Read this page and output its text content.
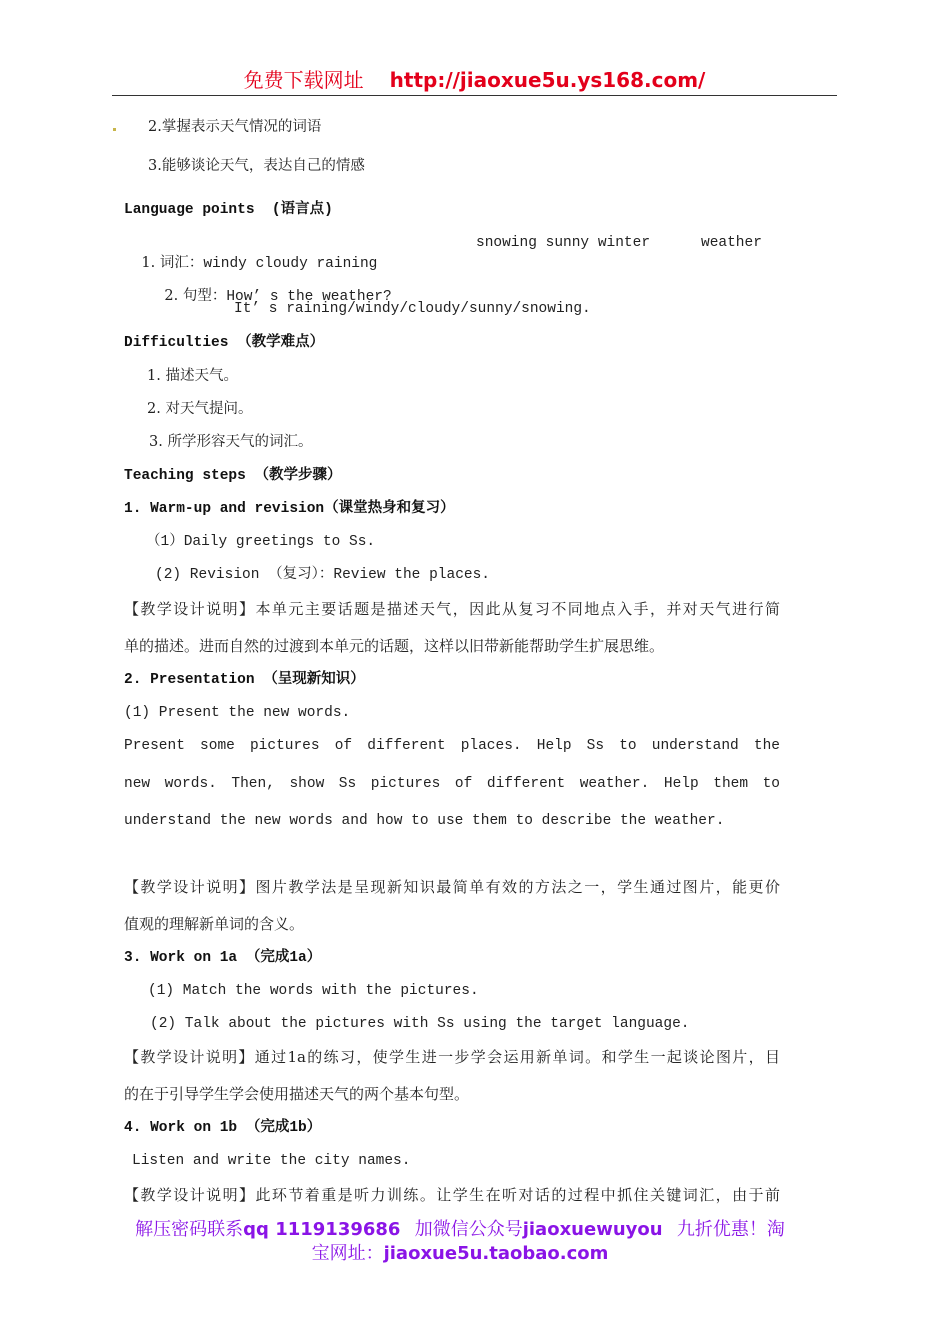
免费下载网址 http://jiaoxue5u.ys168.com/
2.掌握表示天气情况的词语
3.能够谈论天气，表达自己的情感
Language points  (语言点)

1. 词汇：windy cloudy raining

snowing sunny winter	weather

2. 句型：How’ s the weather?

It’ s raining/windy/cloudy/sunny/snowing.
Difficulties （教学难点）
1. 描述天气。
2. 对天气提问。
3. 所学形容天气的词汇。
Teaching steps （教学步骤）
1. Warm-up and revision（课堂热身和复习）
（1）Daily greetings to Ss.
(2) Revision （复习）：Review the places.
【教学设计说明】本单元主要话题是描述天气，因此从复习不同地点入手，并对天气进行简
单的描述。进而自然的过渡到本单元的话题，这样以旧带新能帮助学生扩展思维。
2. Presentation （呈现新知识）
(1) Present the new words.
Present some pictures of different places. Help Ss to understand the
new words. Then, show Ss pictures of different weather. Help them to
understand the new words and how to use them to describe the weather.
【教学设计说明】图片教学法是呈现新知识最简单有效的方法之一，学生通过图片，能更价
值观的理解新单词的含义。
3. Work on 1a （完成1a）
(1) Match the words with the pictures.
(2) Talk about the pictures with Ss using the target language.
【教学设计说明】通过1a的练习，使学生进一步学会运用新单词。和学生一起谈论图片，目
的在于引导学生学会使用描述天气的两个基本句型。
4. Work on 1b （完成1b）
Listen and write the city names.
【教学设计说明】此环节着重是听力训练。让学生在听对话的过程中抓住关键词汇，由于前
解压密码联系qq 1119139686 加微信公众号jiaoxuewuyou 九折优惠！淘
宝网址：jiaoxue5u.taobao.com
